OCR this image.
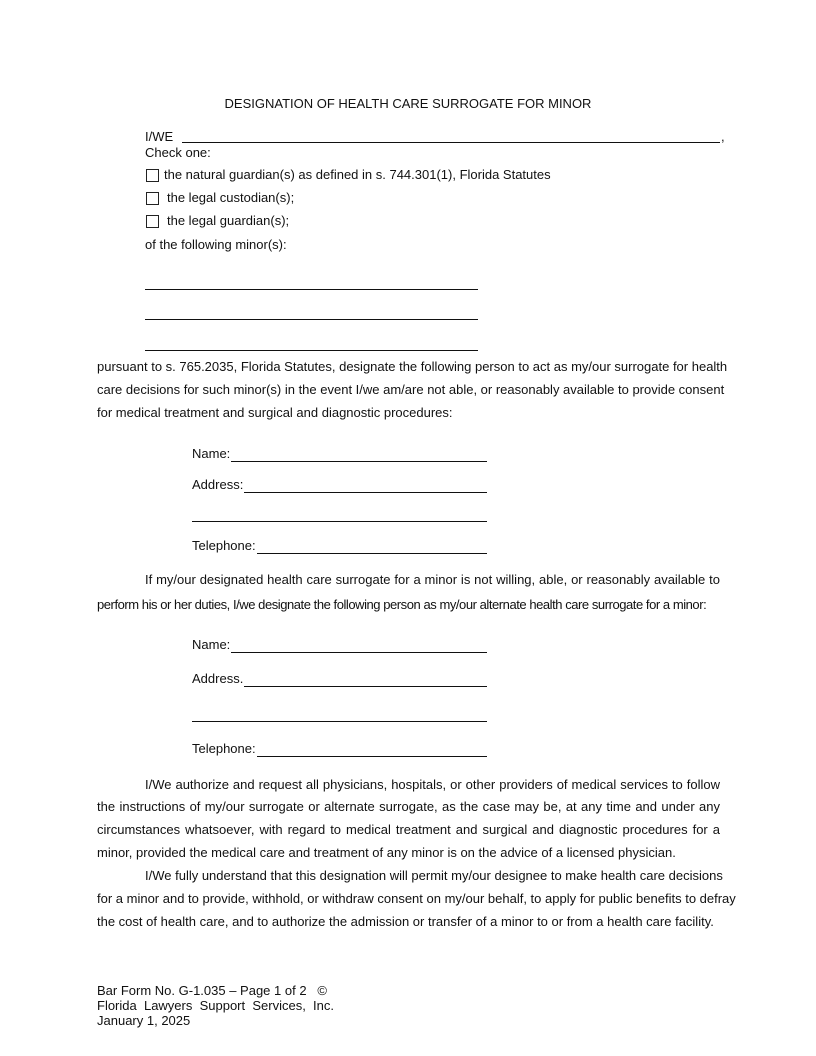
DESIGNATION OF HEALTH CARE SURROGATE FOR MINOR
I/WE	,
Check one:
the natural guardian(s) as defined in s. 744.301(1), Florida Statutes
the legal custodian(s);
the legal guardian(s);
of the following minor(s):
pursuant to s. 765.2035, Florida Statutes, designate the following person to act as my/our surrogate for health
care decisions for such minor(s) in the event I/we am/are not able, or reasonably available to provide consent
for medical treatment and surgical and diagnostic procedures:
Name:
Address:
Telephone:
If my/our designated health care surrogate for a minor is not willing, able, or reasonably available to
perform his or her duties, I/we designate the following person as my/our alternate health care surrogate for a minor:
Name:
Address.
Telephone:
I/We authorize and request all physicians, hospitals, or other providers of medical services to follow
the instructions of my/our surrogate or alternate surrogate, as the case may be, at any time and under any
circumstances whatsoever, with regard to medical treatment and surgical and diagnostic procedures for a
minor, provided the medical care and treatment of any minor is on the advice of a licensed physician.
I/We fully understand that this designation will permit my/our designee to make health care decisions
for a minor and to provide, withhold, or withdraw consent on my/our behalf, to apply for public benefits to defray
the cost of health care, and to authorize the admission or transfer of a minor to or from a health care facility.
Bar Form No. G-1.035 – Page 1 of 2   ©
Florida  Lawyers  Support  Services,  Inc.
January 1, 2025
